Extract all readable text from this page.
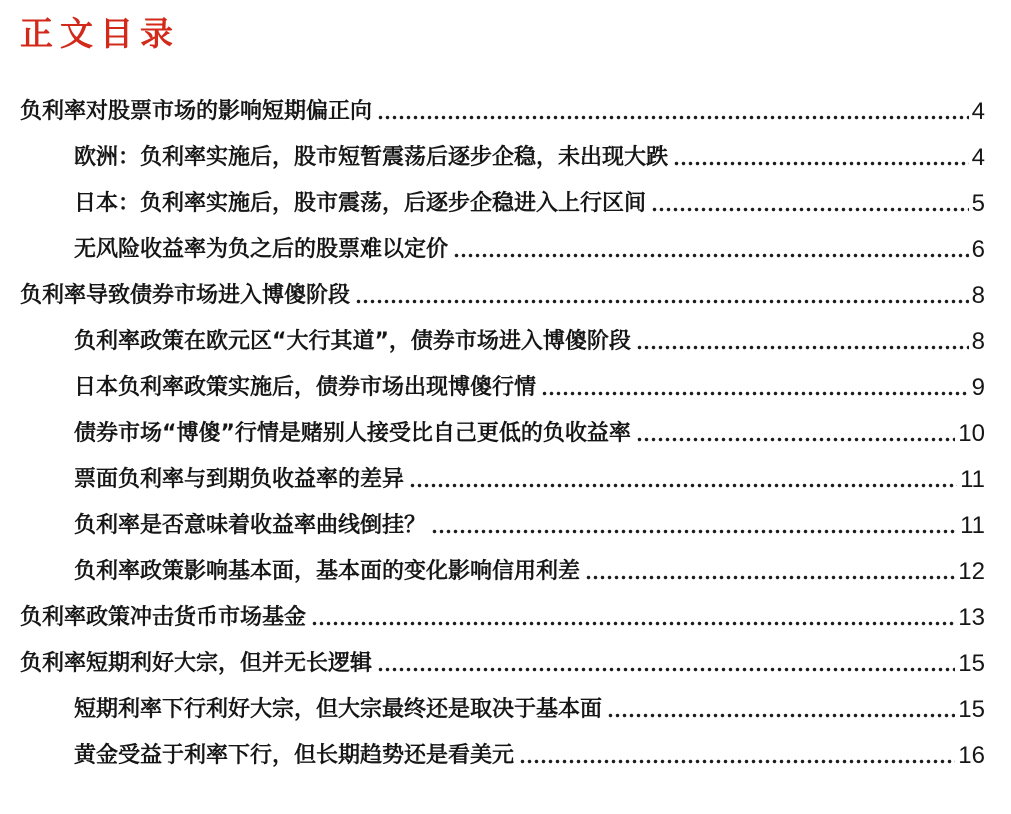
正文目录
负利率对股票市场的影响短期偏正向	4
欧洲：负利率实施后，股市短暂震荡后逐步企稳，未出现大跌	4
日本：负利率实施后，股市震荡，后逐步企稳进入上行区间	5
无风险收益率为负之后的股票难以定价	6
负利率导致债券市场进入博傻阶段	8
负利率政策在欧元区“大行其道”，债券市场进入博傻阶段	8
日本负利率政策实施后，债券市场出现博傻行情	9
债券市场“博傻”行情是赌别人接受比自己更低的负收益率	10
票面负利率与到期负收益率的差异	11
负利率是否意味着收益率曲线倒挂？	11
负利率政策影响基本面，基本面的变化影响信用利差	12
负利率政策冲击货币市场基金	13
负利率短期利好大宗，但并无长逻辑	15
短期利率下行利好大宗，但大宗最终还是取决于基本面	15
黄金受益于利率下行，但长期趋势还是看美元	16
